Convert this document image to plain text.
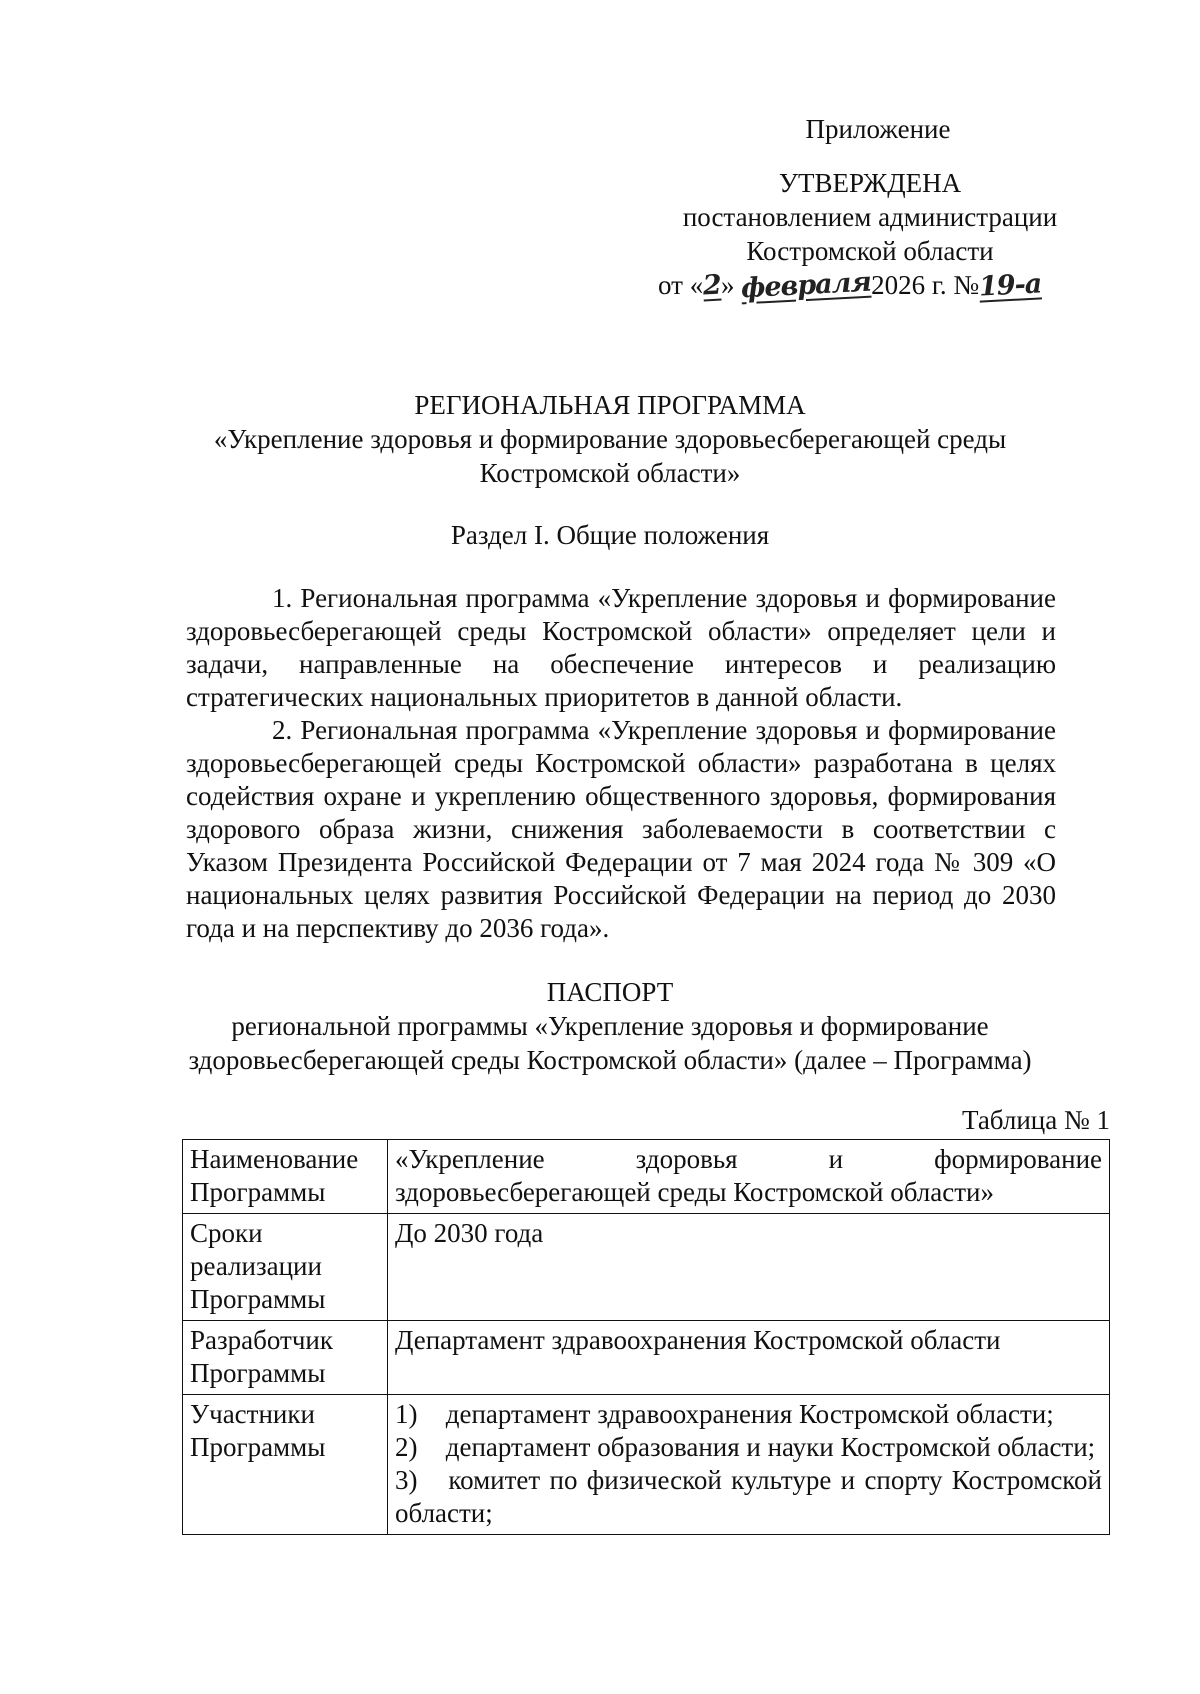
Приложение
УТВЕРЖДЕНА
постановлением администрации
Костромской области
от «2» февраля2026 г. №19-а
РЕГИОНАЛЬНАЯ ПРОГРАММА
«Укрепление здоровья и формирование здоровьесберегающей среды
Костромской области»
Раздел I. Общие положения

1. Региональная программа «Укрепление здоровья и формирование здоровьесберегающей среды Костромской области» определяет цели и задачи, направленные на обеспечение интересов и реализацию стратегических национальных приоритетов в данной области.

2. Региональная программа «Укрепление здоровья и формирование здоровьесберегающей среды Костромской области» разработана в целях содействия охране и укреплению общественного здоровья, формирования здорового образа жизни, снижения заболеваемости в соответствии с Указом Президента Российской Федерации от 7 мая 2024 года № 309 «О национальных целях развития Российской Федерации на период до 2030 года и на перспективу до 2036 года».

ПАСПОРТ
региональной программы «Укрепление здоровья и формирование
здоровьесберегающей среды Костромской области» (далее – Программа)
Таблица № 1
Наименование Программы	«Укрепление здоровья и формирование здоровьесберегающей среды Костромской области»
Сроки реализации Программы	До 2030 года
Разработчик Программы	Департамент здравоохранения Костромской области
Участники Программы	1) департамент здравоохранения Костромской области;
2) департамент образования и науки Костромской области;
3) комитет по физической культуре и спорту Костромской области;
